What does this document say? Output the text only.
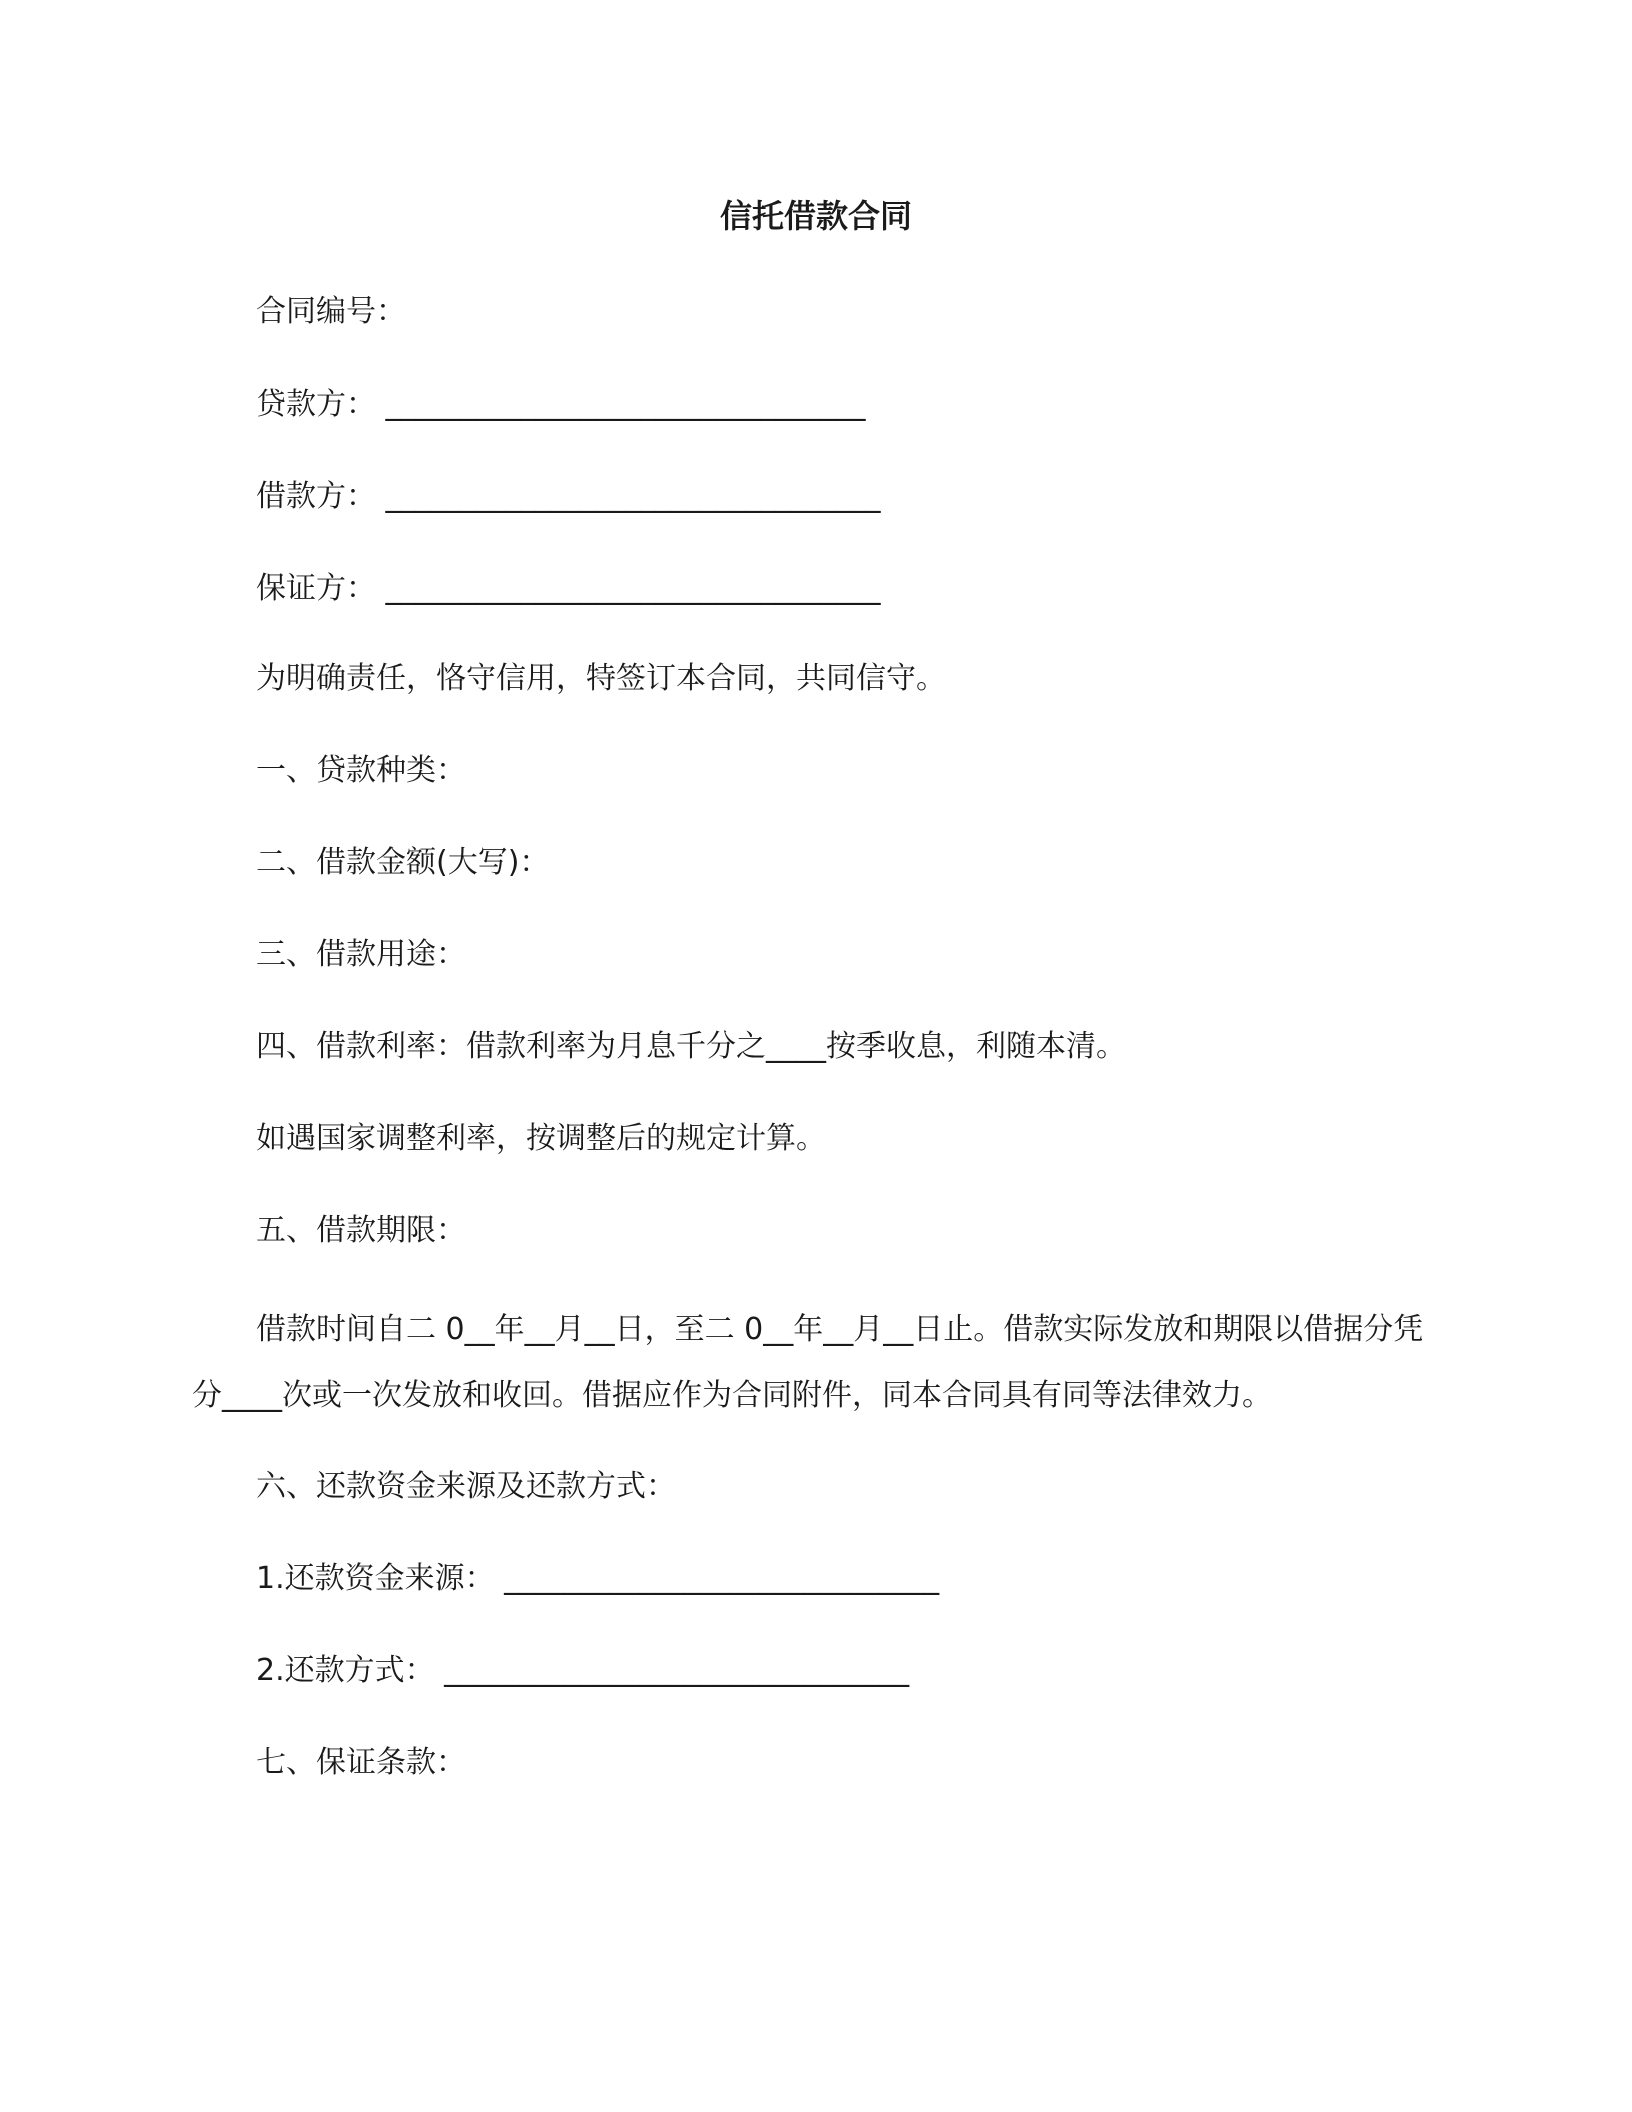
信托借款合同
合同编号：
贷款方： ________________________________
借款方： _________________________________
保证方： _________________________________
为明确责任，恪守信用，特签订本合同，共同信守。
一、贷款种类：
二、借款金额(大写)：
三、借款用途：
四、借款利率：借款利率为月息千分之____按季收息，利随本清。
如遇国家调整利率，按调整后的规定计算。
五、借款期限：
借款时间自二 0__年__月__日，至二 0__年__月__日止。借款实际发放和期限以借据分凭分____次或一次发放和收回。借据应作为合同附件，同本合同具有同等法律效力。
六、还款资金来源及还款方式：
1.还款资金来源： _____________________________
2.还款方式： _______________________________
七、保证条款：
